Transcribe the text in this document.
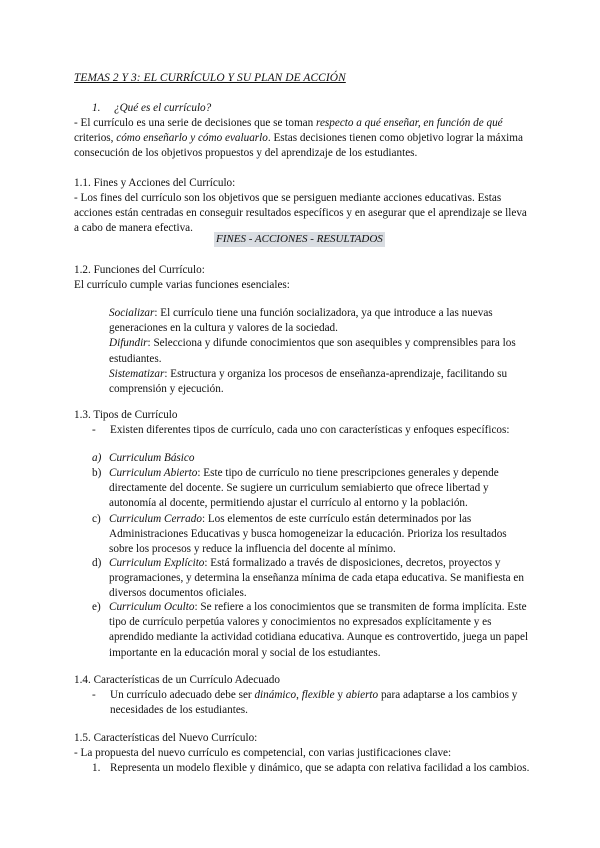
TEMAS 2 Y 3: EL CURRÍCULO Y SU PLAN DE ACCIÓN
1. ¿Qué es el currículo?

- El currículo es una serie de decisiones que se toman respecto a qué enseñar, en función de qué criterios, cómo enseñarlo y cómo evaluarlo. Estas decisiones tienen como objetivo lograr la máxima consecución de los objetivos propuestos y del aprendizaje de los estudiantes.

1.1. Fines y Acciones del Currículo:

- Los fines del currículo son los objetivos que se persiguen mediante acciones educativas. Estas acciones están centradas en conseguir resultados específicos y en asegurar que el aprendizaje se lleva a cabo de manera efectiva.

FINES - ACCIONES - RESULTADOS
1.2. Funciones del Currículo:
El currículo cumple varias funciones esenciales:

Socializar: El currículo tiene una función socializadora, ya que introduce a las nuevas generaciones en la cultura y valores de la sociedad.

Difundir: Selecciona y difunde conocimientos que son asequibles y comprensibles para los estudiantes.

Sistematizar: Estructura y organiza los procesos de enseñanza-aprendizaje, facilitando su comprensión y ejecución.

1.3. Tipos de Currículo
- Existen diferentes tipos de currículo, cada uno con características y enfoques específicos:
a) Curriculum Básico
b) Curriculum Abierto: Este tipo de currículo no tiene prescripciones generales y depende directamente del docente. Se sugiere un curriculum semiabierto que ofrece libertad y autonomía al docente, permitiendo ajustar el currículo al entorno y la población.
c) Curriculum Cerrado: Los elementos de este currículo están determinados por las Administraciones Educativas y busca homogeneizar la educación. Prioriza los resultados sobre los procesos y reduce la influencia del docente al mínimo.
d) Curriculum Explícito: Está formalizado a través de disposiciones, decretos, proyectos y programaciones, y determina la enseñanza mínima de cada etapa educativa. Se manifiesta en diversos documentos oficiales.
e) Curriculum Oculto: Se refiere a los conocimientos que se transmiten de forma implícita. Este tipo de currículo perpetúa valores y conocimientos no expresados explícitamente y es aprendido mediante la actividad cotidiana educativa. Aunque es controvertido, juega un papel importante en la educación moral y social de los estudiantes.
1.4. Características de un Currículo Adecuado
- Un currículo adecuado debe ser dinámico, flexible y abierto para adaptarse a los cambios y necesidades de los estudiantes.
1.5. Características del Nuevo Currículo:
- La propuesta del nuevo currículo es competencial, con varias justificaciones clave:
1. Representa un modelo flexible y dinámico, que se adapta con relativa facilidad a los cambios.
